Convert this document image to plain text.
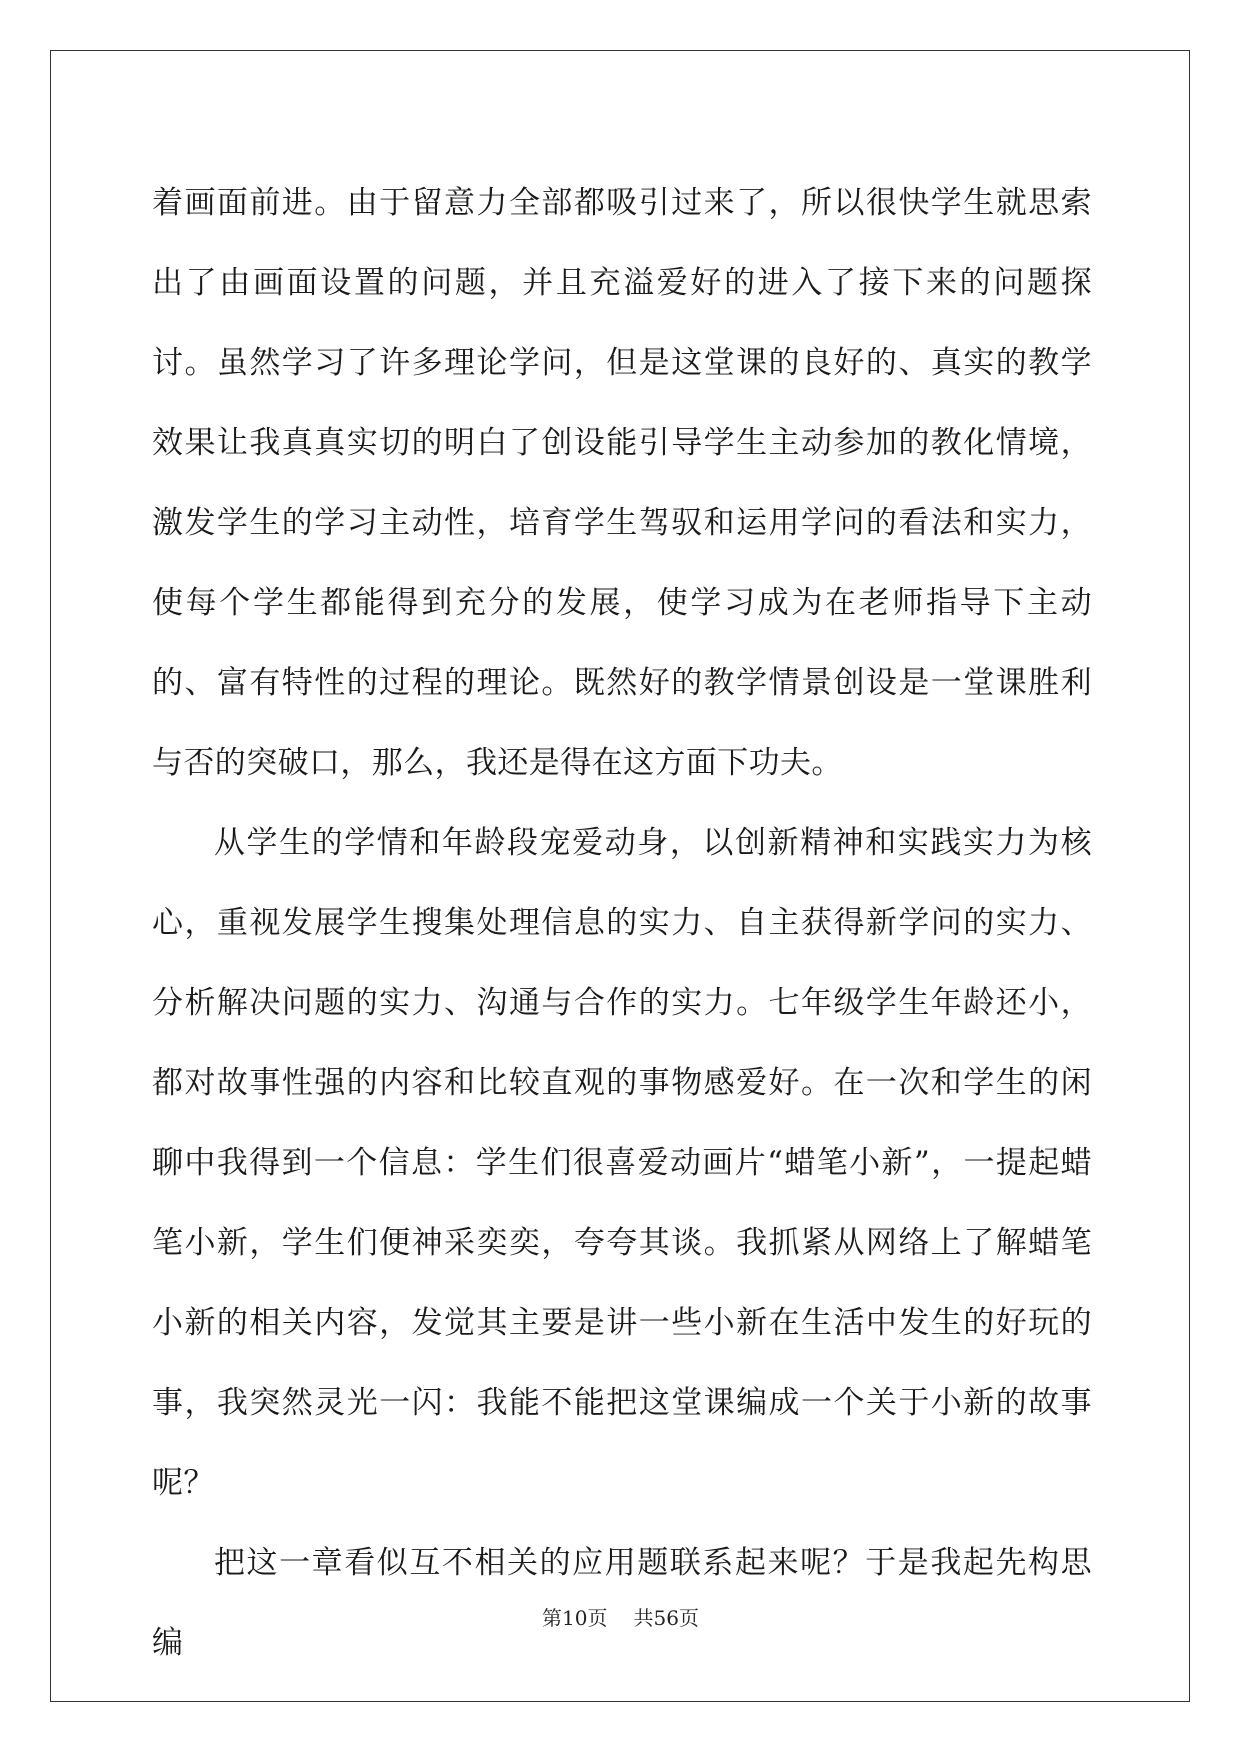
着画面前进。由于留意力全部都吸引过来了，所以很快学生就思索出了由画面设置的问题，并且充溢爱好的进入了接下来的问题探讨。虽然学习了许多理论学问，但是这堂课的良好的、真实的教学效果让我真真实切的明白了创设能引导学生主动参加的教化情境，激发学生的学习主动性，培育学生驾驭和运用学问的看法和实力，使每个学生都能得到充分的发展，使学习成为在老师指导下主动的、富有特性的过程的理论。既然好的教学情景创设是一堂课胜利与否的突破口，那么，我还是得在这方面下功夫。

从学生的学情和年龄段宠爱动身，以创新精神和实践实力为核心，重视发展学生搜集处理信息的实力、自主获得新学问的实力、分析解决问题的实力、沟通与合作的实力。七年级学生年龄还小，都对故事性强的内容和比较直观的事物感爱好。在一次和学生的闲聊中我得到一个信息：学生们很喜爱动画片“蜡笔小新”，一提起蜡笔小新，学生们便神采奕奕，夸夸其谈。我抓紧从网络上了解蜡笔小新的相关内容，发觉其主要是讲一些小新在生活中发生的好玩的事，我突然灵光一闪：我能不能把这堂课编成一个关于小新的故事呢？

把这一章看似互不相关的应用题联系起来呢？于是我起先构思编

第10页 共56页
